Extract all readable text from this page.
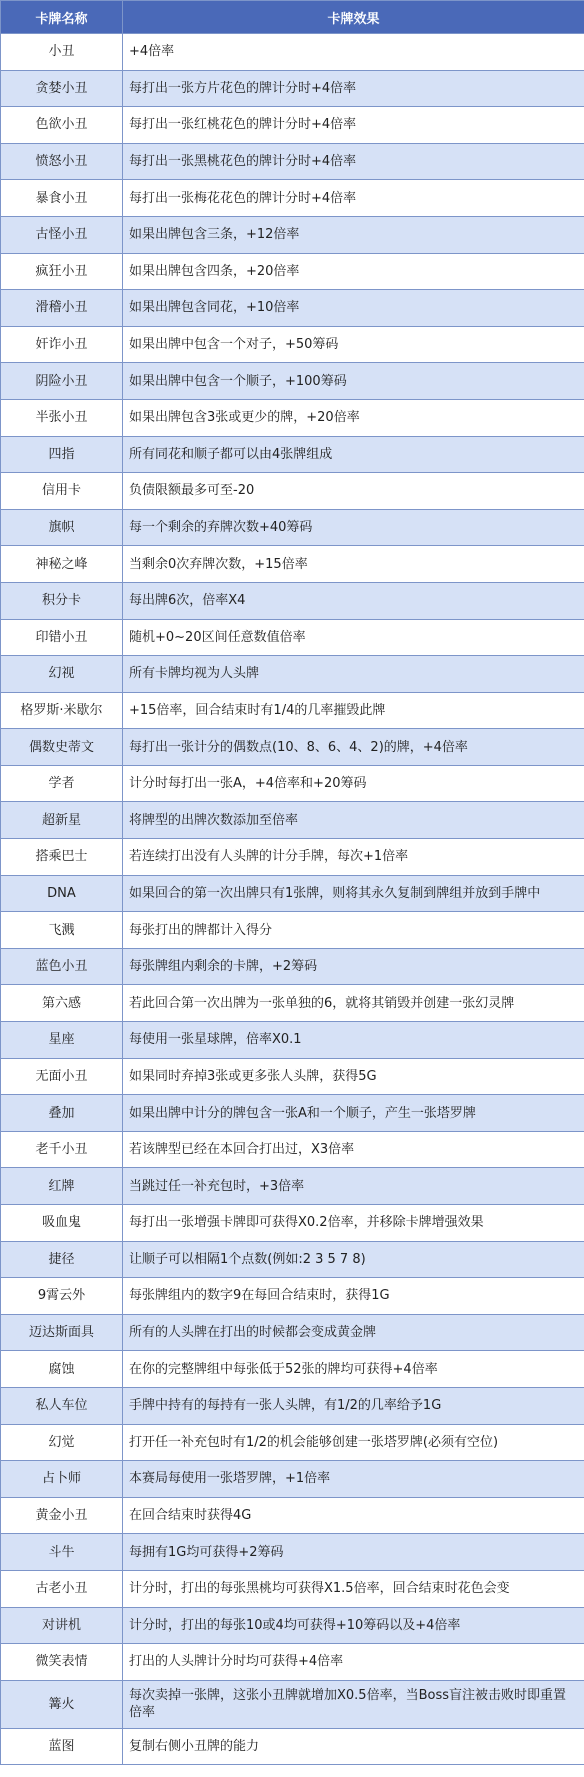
卡牌名称	卡牌效果
小丑	+4倍率
贪婪小丑	每打出一张方片花色的牌计分时+4倍率
色欲小丑	每打出一张红桃花色的牌计分时+4倍率
愤怒小丑	每打出一张黑桃花色的牌计分时+4倍率
暴食小丑	每打出一张梅花花色的牌计分时+4倍率
古怪小丑	如果出牌包含三条，+12倍率
疯狂小丑	如果出牌包含四条，+20倍率
滑稽小丑	如果出牌包含同花，+10倍率
奸诈小丑	如果出牌中包含一个对子，+50筹码
阴险小丑	如果出牌中包含一个顺子，+100筹码
半张小丑	如果出牌包含3张或更少的牌，+20倍率
四指	所有同花和顺子都可以由4张牌组成
信用卡	负债限额最多可至-20
旗帜	每一个剩余的弃牌次数+40筹码
神秘之峰	当剩余0次弃牌次数，+15倍率
积分卡	每出牌6次，倍率X4
印错小丑	随机+0~20区间任意数值倍率
幻视	所有卡牌均视为人头牌
格罗斯·米歇尔	+15倍率，回合结束时有1/4的几率摧毁此牌
偶数史蒂文	每打出一张计分的偶数点(10、8、6、4、2)的牌，+4倍率
学者	计分时每打出一张A，+4倍率和+20筹码
超新星	将牌型的出牌次数添加至倍率
搭乘巴士	若连续打出没有人头牌的计分手牌，每次+1倍率
DNA	如果回合的第一次出牌只有1张牌，则将其永久复制到牌组并放到手牌中
飞溅	每张打出的牌都计入得分
蓝色小丑	每张牌组内剩余的卡牌，+2筹码
第六感	若此回合第一次出牌为一张单独的6，就将其销毁并创建一张幻灵牌
星座	每使用一张星球牌，倍率X0.1
无面小丑	如果同时弃掉3张或更多张人头牌，获得5G
叠加	如果出牌中计分的牌包含一张A和一个顺子，产生一张塔罗牌
老千小丑	若该牌型已经在本回合打出过，X3倍率
红牌	当跳过任一补充包时，+3倍率
吸血鬼	每打出一张增强卡牌即可获得X0.2倍率，并移除卡牌增强效果
捷径	让顺子可以相隔1个点数(例如:2 3 5 7 8)
9霄云外	每张牌组内的数字9在每回合结束时，获得1G
迈达斯面具	所有的人头牌在打出的时候都会变成黄金牌
腐蚀	在你的完整牌组中每张低于52张的牌均可获得+4倍率
私人车位	手牌中持有的每持有一张人头牌，有1/2的几率给予1G
幻觉	打开任一补充包时有1/2的机会能够创建一张塔罗牌(必须有空位)
占卜师	本赛局每使用一张塔罗牌，+1倍率
黄金小丑	在回合结束时获得4G
斗牛	每拥有1G均可获得+2筹码
古老小丑	计分时，打出的每张黑桃均可获得X1.5倍率，回合结束时花色会变
对讲机	计分时，打出的每张10或4均可获得+10筹码以及+4倍率
微笑表情	打出的人头牌计分时均可获得+4倍率
篝火	每次卖掉一张牌，这张小丑牌就增加X0.5倍率，当Boss盲注被击败时即重置倍率
蓝图	复制右侧小丑牌的能力
